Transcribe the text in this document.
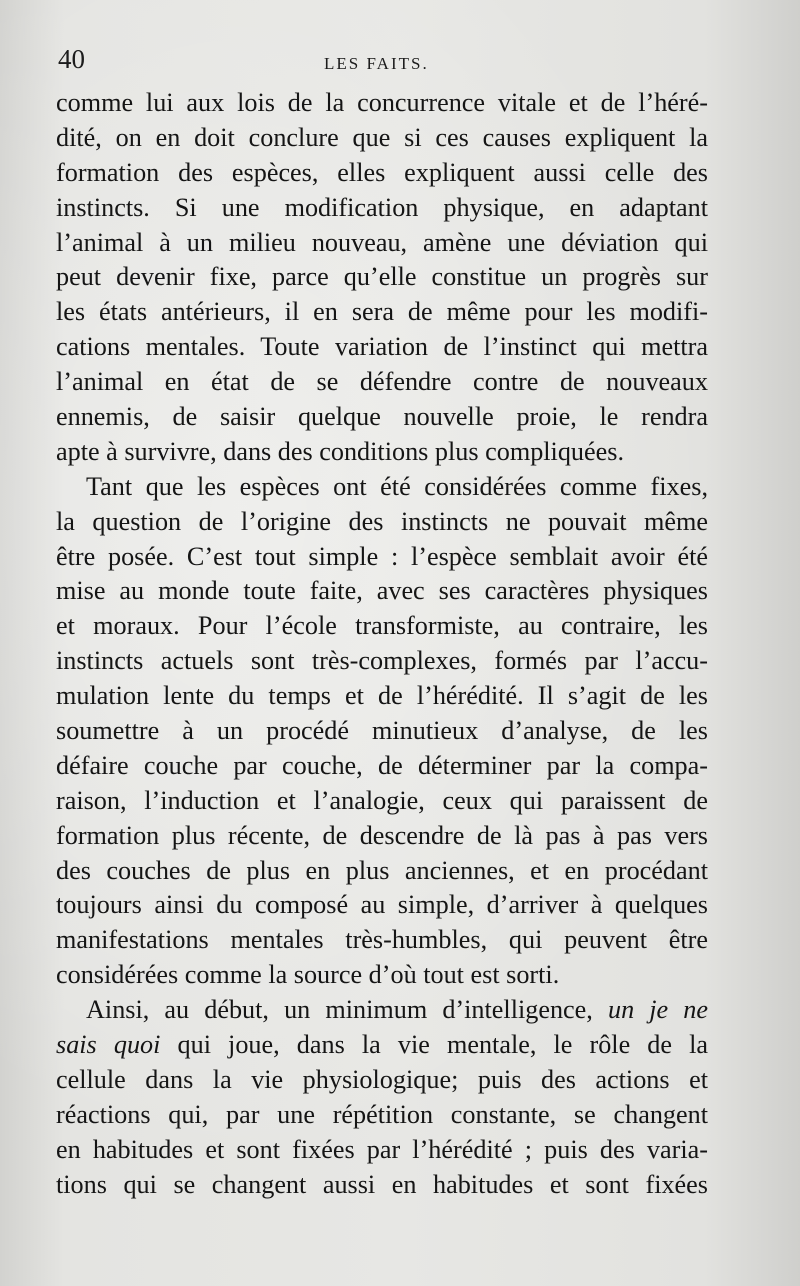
40	LES FAITS.
comme lui aux lois de la concurrence vitale et de l’héré-
dité, on en doit conclure que si ces causes expliquent la
formation des espèces, elles expliquent aussi celle des
instincts. Si une modification physique, en adaptant
l’animal à un milieu nouveau, amène une déviation qui
peut devenir fixe, parce qu’elle constitue un progrès sur
les états antérieurs, il en sera de même pour les modifi-
cations mentales. Toute variation de l’instinct qui mettra
l’animal en état de se défendre contre de nouveaux
ennemis, de saisir quelque nouvelle proie, le rendra
apte à survivre, dans des conditions plus compliquées.
Tant que les espèces ont été considérées comme fixes,
la question de l’origine des instincts ne pouvait même
être posée. C’est tout simple : l’espèce semblait avoir été
mise au monde toute faite, avec ses caractères physiques
et moraux. Pour l’école transformiste, au contraire, les
instincts actuels sont très-complexes, formés par l’accu-
mulation lente du temps et de l’hérédité. Il s’agit de les
soumettre à un procédé minutieux d’analyse, de les
défaire couche par couche, de déterminer par la compa-
raison, l’induction et l’analogie, ceux qui paraissent de
formation plus récente, de descendre de là pas à pas vers
des couches de plus en plus anciennes, et en procédant
toujours ainsi du composé au simple, d’arriver à quelques
manifestations mentales très-humbles, qui peuvent être
considérées comme la source d’où tout est sorti.
Ainsi, au début, un minimum d’intelligence, un je ne
sais quoi qui joue, dans la vie mentale, le rôle de la
cellule dans la vie physiologique; puis des actions et
réactions qui, par une répétition constante, se changent
en habitudes et sont fixées par l’hérédité ; puis des varia-
tions qui se changent aussi en habitudes et sont fixées
